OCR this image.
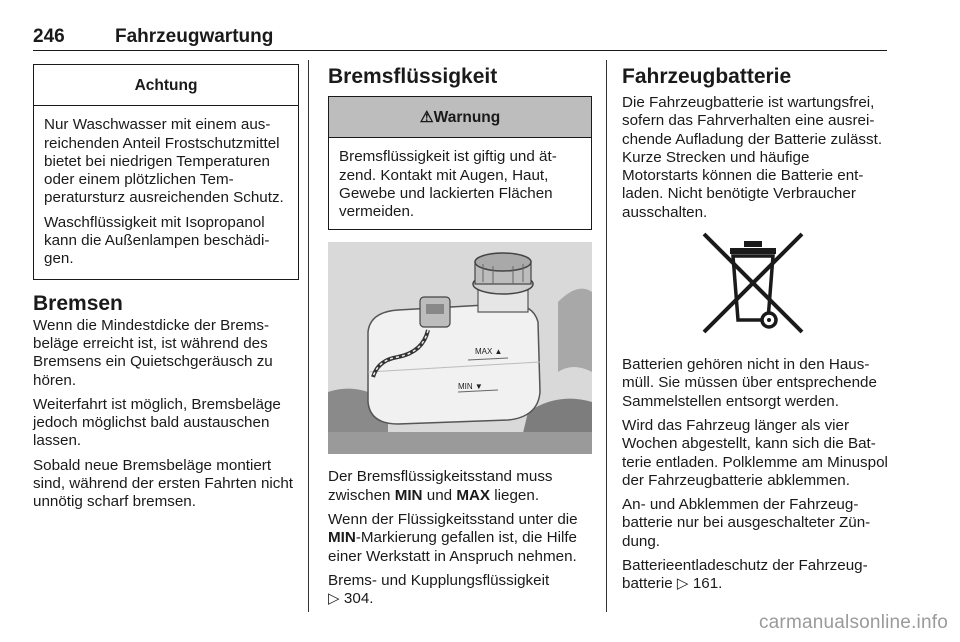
246	Fahrzeugwartung
Achtung

Nur Waschwasser mit einem ausreichenden Anteil Frostschutzmittel bietet bei niedrigen Temperaturen oder einem plötzlichen Temperatursturz ausreichenden Schutz.

Waschflüssigkeit mit Isopropanol kann die Außenlampen beschädigen.

Bremsen

Wenn die Mindestdicke der Bremsbeläge erreicht ist, ist während des Bremsens ein Quietschgeräusch zu hören.

Weiterfahrt ist möglich, Bremsbeläge jedoch möglichst bald austauschen lassen.

Sobald neue Bremsbeläge montiert sind, während der ersten Fahrten nicht unnötig scharf bremsen.

Bremsflüssigkeit
⚠Warnung

Bremsflüssigkeit ist giftig und ätzend. Kontakt mit Augen, Haut, Gewebe und lackierten Flächen vermeiden.

MAX ▲
MIN ▼

Der Bremsflüssigkeitsstand muss zwischen MIN und MAX liegen.

Wenn der Flüssigkeitsstand unter die MIN-Markierung gefallen ist, die Hilfe einer Werkstatt in Anspruch nehmen.

Brems- und Kupplungsflüssigkeit
▷ 304.

Fahrzeugbatterie

Die Fahrzeugbatterie ist wartungsfrei, sofern das Fahrverhalten eine ausreichende Aufladung der Batterie zulässt. Kurze Strecken und häufige Motorstarts können die Batterie entladen. Nicht benötigte Verbraucher ausschalten.

Batterien gehören nicht in den Hausmüll. Sie müssen über entsprechende Sammelstellen entsorgt werden.

Wird das Fahrzeug länger als vier Wochen abgestellt, kann sich die Batterie entladen. Polklemme am Minuspol der Fahrzeugbatterie abklemmen.

An- und Abklemmen der Fahrzeugbatterie nur bei ausgeschalteter Zündung.

Batterieentladeschutz der Fahrzeugbatterie ▷ 161.

carmanualsonline.info
